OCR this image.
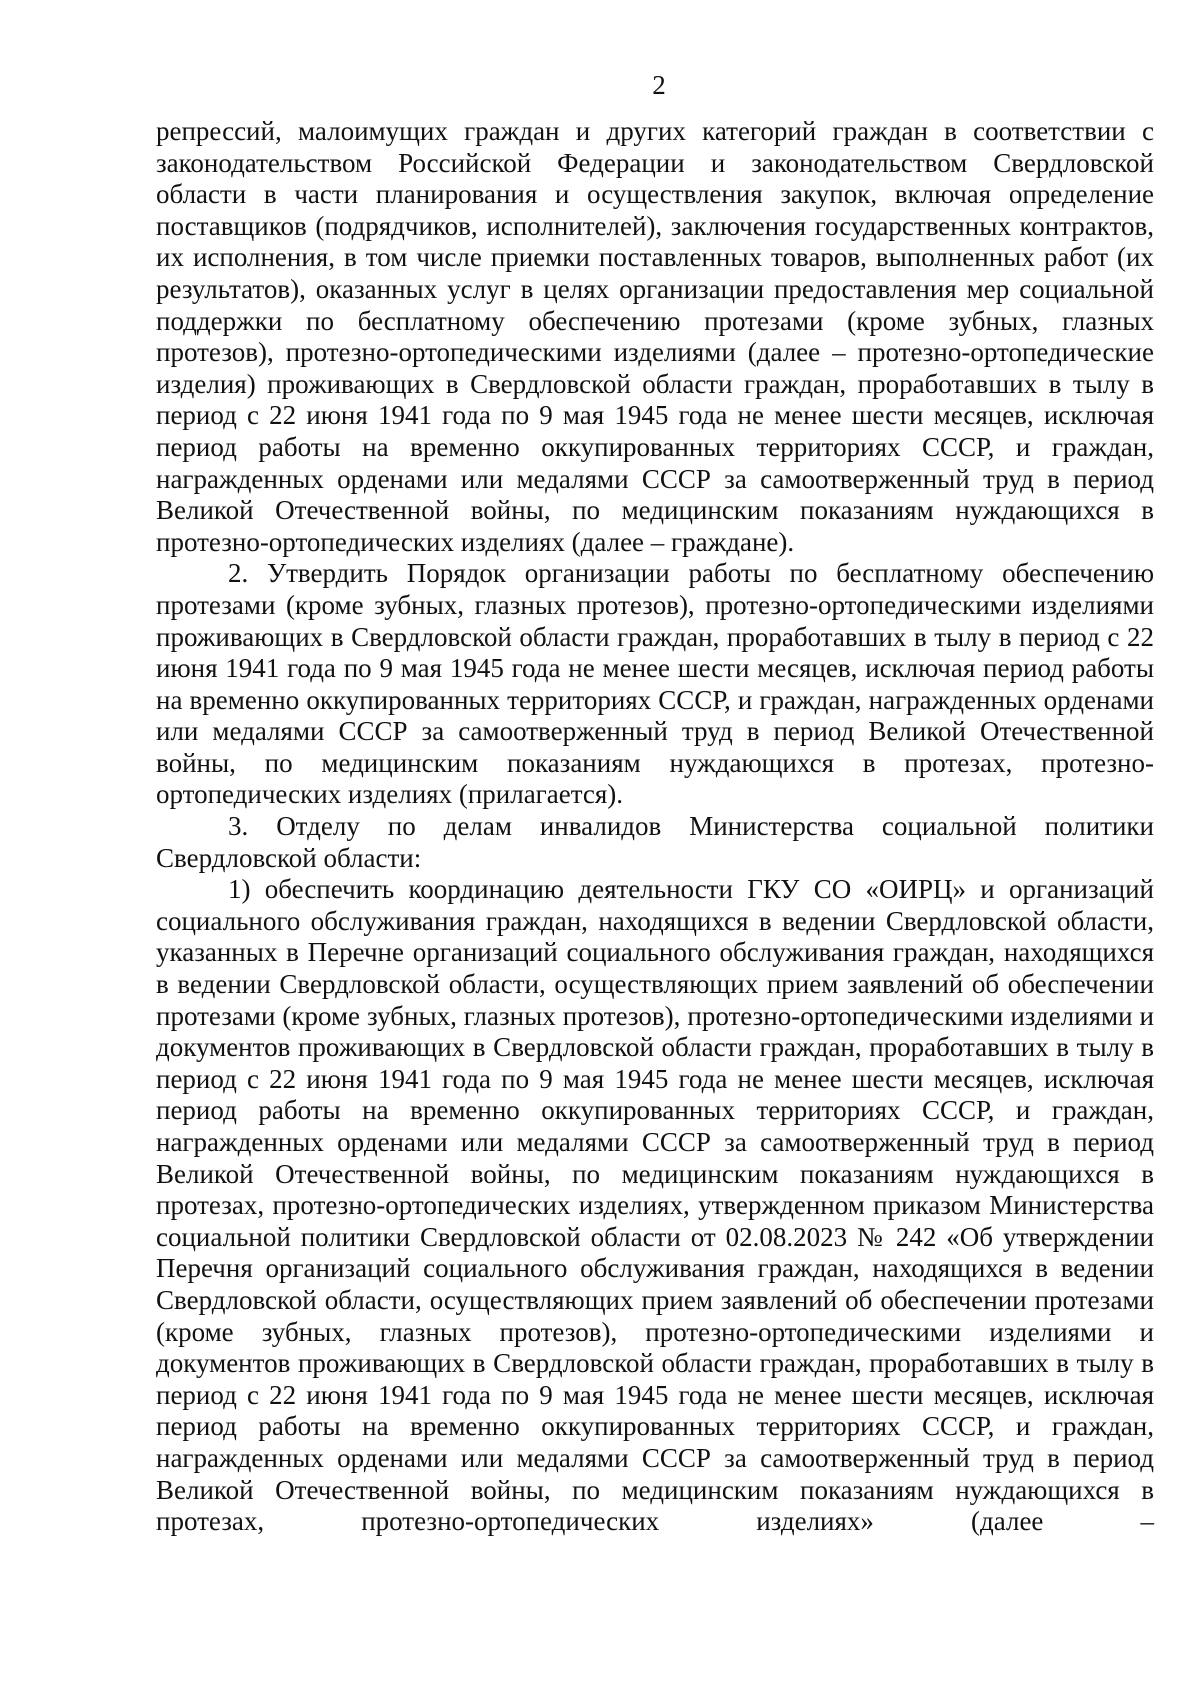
2

репрессий, малоимущих граждан и других категорий граждан в соответствии с законодательством Российской Федерации и законодательством Свердловской области в части планирования и осуществления закупок, включая определение поставщиков (подрядчиков, исполнителей), заключения государственных контрактов, их исполнения, в том числе приемки поставленных товаров, выполненных работ (их результатов), оказанных услуг в целях организации предоставления мер социальной поддержки по бесплатному обеспечению протезами (кроме зубных, глазных протезов), протезно-ортопедическими изделиями (далее – протезно-ортопедические изделия) проживающих в Свердловской области граждан, проработавших в тылу в период с 22 июня 1941 года по 9 мая 1945 года не менее шести месяцев, исключая период работы на временно оккупированных территориях СССР, и граждан, награжденных орденами или медалями СССР за самоотверженный труд в период Великой Отечественной войны, по медицинским показаниям нуждающихся в протезно-ортопедических изделиях (далее – граждане).

2. Утвердить Порядок организации работы по бесплатному обеспечению протезами (кроме зубных, глазных протезов), протезно-ортопедическими изделиями проживающих в Свердловской области граждан, проработавших в тылу в период с 22 июня 1941 года по 9 мая 1945 года не менее шести месяцев, исключая период работы на временно оккупированных территориях СССР, и граждан, награжденных орденами или медалями СССР за самоотверженный труд в период Великой Отечественной войны, по медицинским показаниям нуждающихся в протезах, протезно-ортопедических изделиях (прилагается).

3. Отделу по делам инвалидов Министерства социальной политики Свердловской области:

1) обеспечить координацию деятельности ГКУ СО «ОИРЦ» и организаций социального обслуживания граждан, находящихся в ведении Свердловской области, указанных в Перечне организаций социального обслуживания граждан, находящихся в ведении Свердловской области, осуществляющих прием заявлений об обеспечении протезами (кроме зубных, глазных протезов), протезно-ортопедическими изделиями и документов проживающих в Свердловской области граждан, проработавших в тылу в период с 22 июня 1941 года по 9 мая 1945 года не менее шести месяцев, исключая период работы на временно оккупированных территориях СССР, и граждан, награжденных орденами или медалями СССР за самоотверженный труд в период Великой Отечественной войны, по медицинским показаниям нуждающихся в протезах, протезно-ортопедических изделиях, утвержденном приказом Министерства социальной политики Свердловской области от 02.08.2023 № 242 «Об утверждении Перечня организаций социального обслуживания граждан, находящихся в ведении Свердловской области, осуществляющих прием заявлений об обеспечении протезами (кроме зубных, глазных протезов), протезно-ортопедическими изделиями и документов проживающих в Свердловской области граждан, проработавших в тылу в период с 22 июня 1941 года по 9 мая 1945 года не менее шести месяцев, исключая период работы на временно оккупированных территориях СССР, и граждан, награжденных орденами или медалями СССР за самоотверженный труд в период Великой Отечественной войны, по медицинским показаниям нуждающихся в протезах, протезно-ортопедических изделиях» (далее –
